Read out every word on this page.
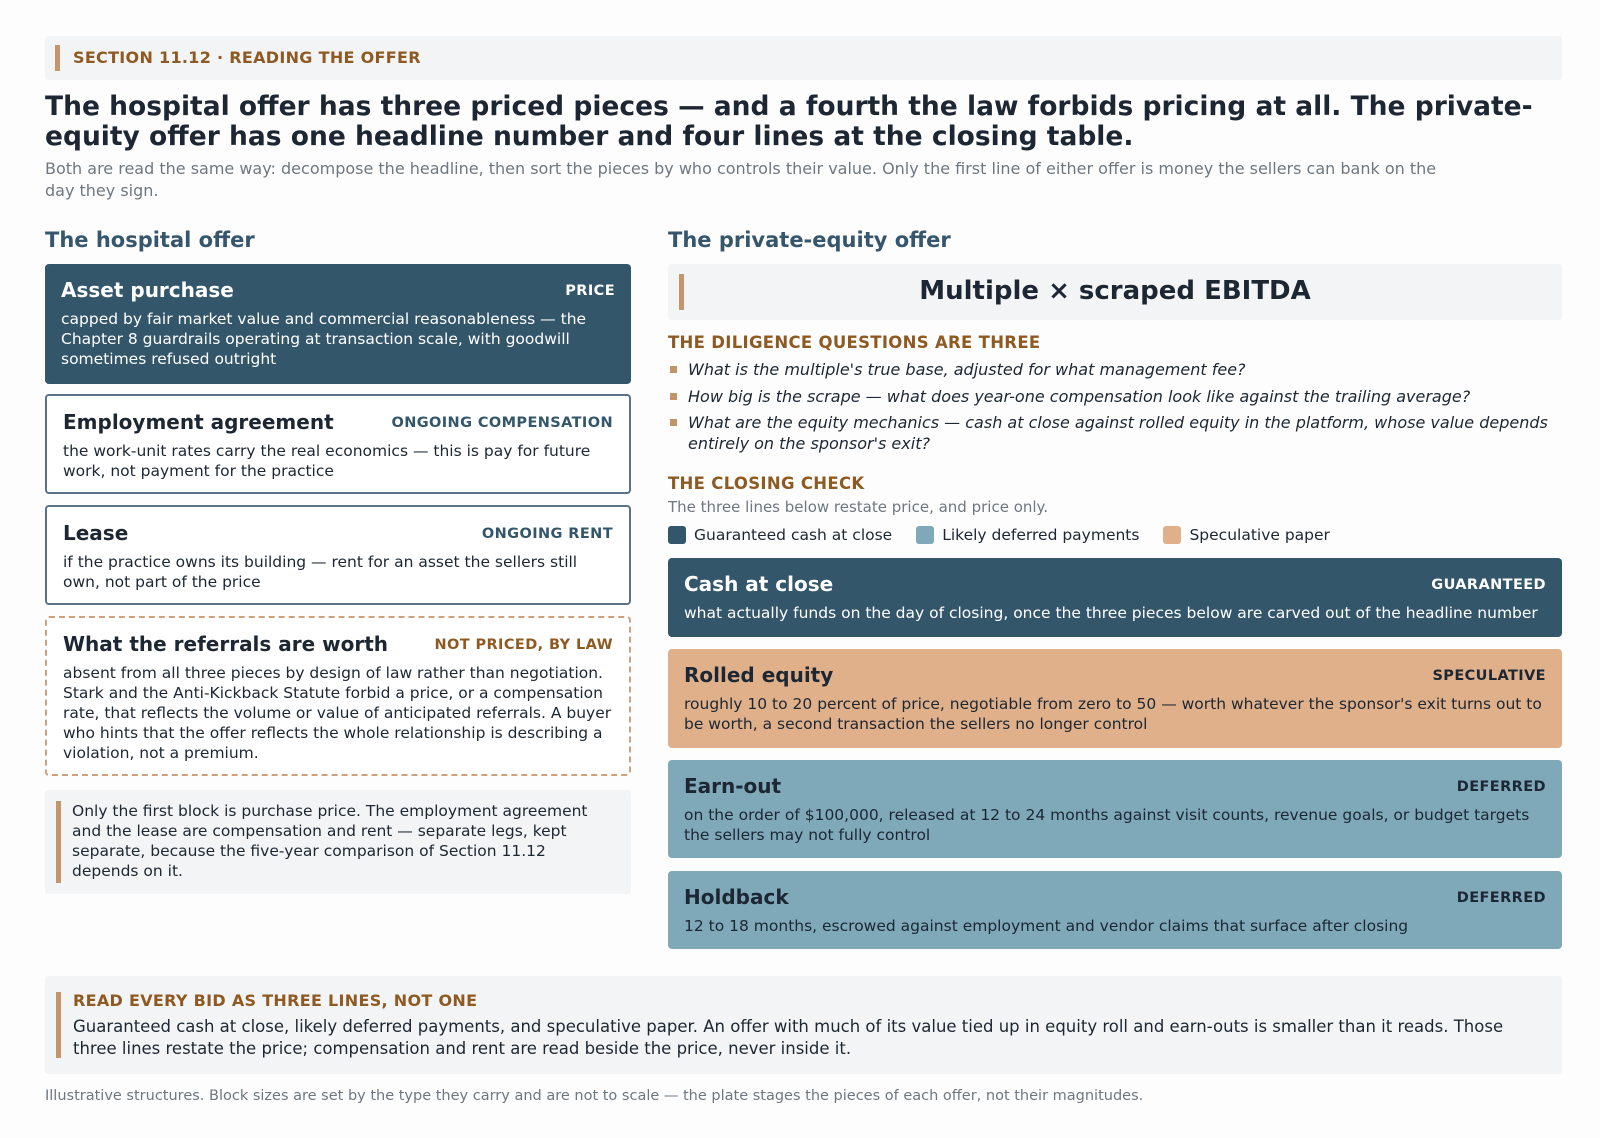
SECTION 11.12 · READING THE OFFER
The hospital offer has three priced pieces — and a fourth the law forbids pricing at all. The private-equity offer has one headline number and four lines at the closing table.

Both are read the same way: decompose the headline, then sort the pieces by who controls their value. Only the first line of either offer is money the sellers can bank on the day they sign.

The hospital offer
Asset purchase	PRICE
capped by fair market value and commercial reasonableness — the Chapter 8 guardrails operating at transaction scale, with goodwill sometimes refused outright
Employment agreement	ONGOING COMPENSATION
the work-unit rates carry the real economics — this is pay for future work, not payment for the practice
Lease	ONGOING RENT
if the practice owns its building — rent for an asset the sellers still own, not part of the price
What the referrals are worth	NOT PRICED, BY LAW
absent from all three pieces by design of law rather than negotiation. Stark and the Anti-Kickback Statute forbid a price, or a compensation rate, that reflects the volume or value of anticipated referrals. A buyer who hints that the offer reflects the whole relationship is describing a violation, not a premium.
Only the first block is purchase price. The employment agreement and the lease are compensation and rent — separate legs, kept separate, because the five-year comparison of Section 11.12 depends on it.
The private-equity offer
Multiple × scraped EBITDA
THE DILIGENCE QUESTIONS ARE THREE
What is the multiple's true base, adjusted for what management fee?
How big is the scrape — what does year-one compensation look like against the trailing average?
What are the equity mechanics — cash at close against rolled equity in the platform, whose value depends entirely on the sponsor's exit?
THE CLOSING CHECK
The three lines below restate price, and price only.
Guaranteed cash at close	Likely deferred payments	Speculative paper
Cash at close	GUARANTEED
what actually funds on the day of closing, once the three pieces below are carved out of the headline number
Rolled equity	SPECULATIVE
roughly 10 to 20 percent of price, negotiable from zero to 50 — worth whatever the sponsor's exit turns out to be worth, a second transaction the sellers no longer control
Earn-out	DEFERRED
on the order of $100,000, released at 12 to 24 months against visit counts, revenue goals, or budget targets the sellers may not fully control
Holdback	DEFERRED
12 to 18 months, escrowed against employment and vendor claims that surface after closing
READ EVERY BID AS THREE LINES, NOT ONE
Guaranteed cash at close, likely deferred payments, and speculative paper. An offer with much of its value tied up in equity roll and earn-outs is smaller than it reads. Those three lines restate the price; compensation and rent are read beside the price, never inside it.
Illustrative structures. Block sizes are set by the type they carry and are not to scale — the plate stages the pieces of each offer, not their magnitudes.
